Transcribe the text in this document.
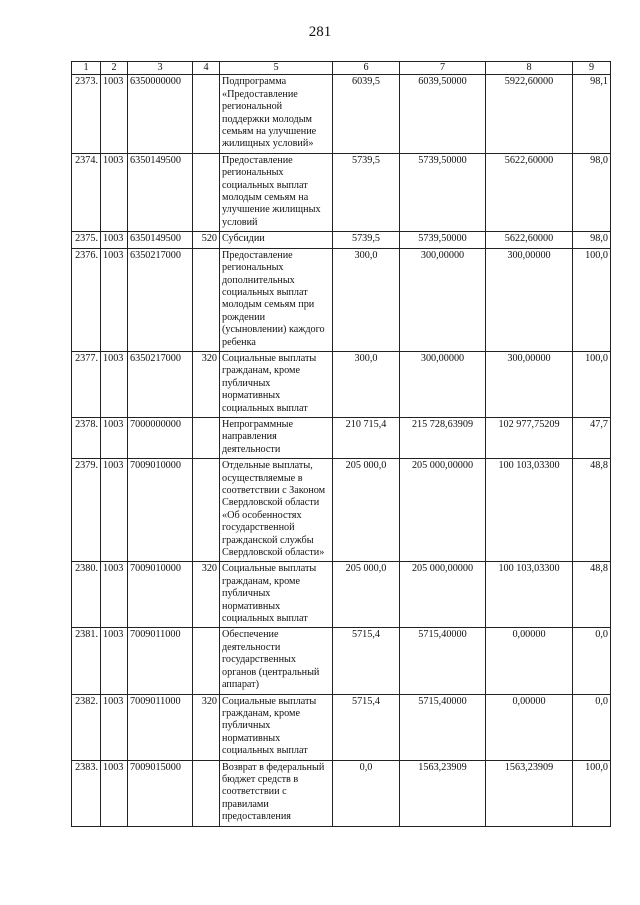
281
1	2	3	4	5	6	7	8	9
2373.	1003	6350000000		Подпрограмма «Предоставление региональной поддержки молодым семьям на улучшение жилищных условий»	6039,5	6039,50000	5922,60000	98,1
2374.	1003	6350149500		Предоставление региональных социальных выплат молодым семьям на улучшение жилищных условий	5739,5	5739,50000	5622,60000	98,0
2375.	1003	6350149500	520	Субсидии	5739,5	5739,50000	5622,60000	98,0
2376.	1003	6350217000		Предоставление региональных дополнительных социальных выплат молодым семьям при рождении (усыновлении) каждого ребенка	300,0	300,00000	300,00000	100,0
2377.	1003	6350217000	320	Социальные выплаты гражданам, кроме публичных нормативных социальных выплат	300,0	300,00000	300,00000	100,0
2378.	1003	7000000000		Непрограммные направления деятельности	210 715,4	215 728,63909	102 977,75209	47,7
2379.	1003	7009010000		Отдельные выплаты, осуществляемые в соответствии с Законом Свердловской области «Об особенностях государственной гражданской службы Свердловской области»	205 000,0	205 000,00000	100 103,03300	48,8
2380.	1003	7009010000	320	Социальные выплаты гражданам, кроме публичных нормативных социальных выплат	205 000,0	205 000,00000	100 103,03300	48,8
2381.	1003	7009011000		Обеспечение деятельности государственных органов (центральный аппарат)	5715,4	5715,40000	0,00000	0,0
2382.	1003	7009011000	320	Социальные выплаты гражданам, кроме публичных нормативных социальных выплат	5715,4	5715,40000	0,00000	0,0
2383.	1003	7009015000		Возврат в федеральный бюджет средств в соответствии с правилами предоставления	0,0	1563,23909	1563,23909	100,0
